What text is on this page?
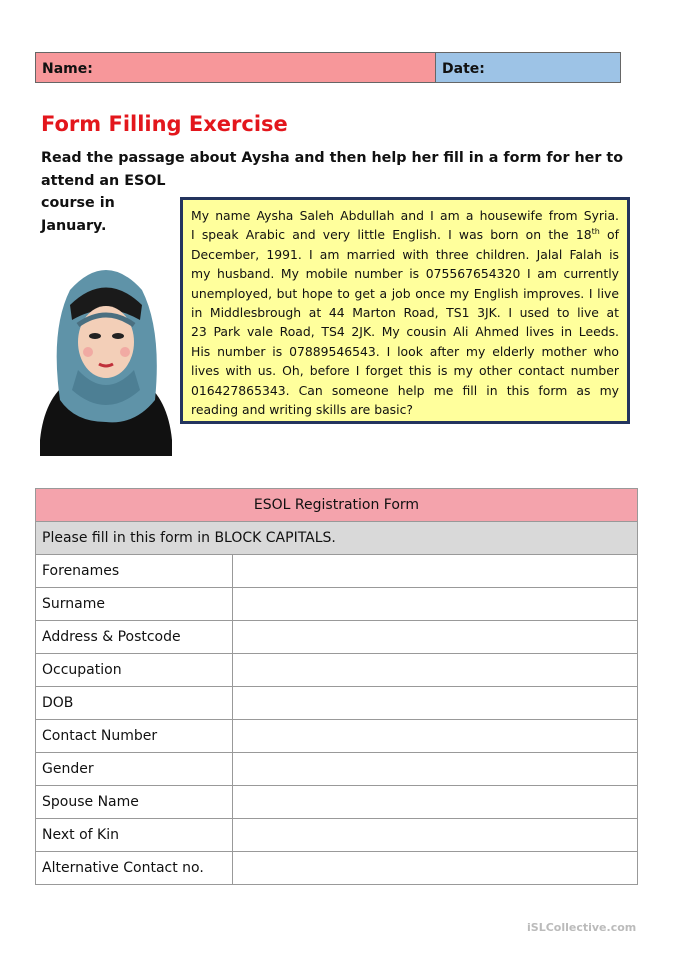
Name:	Date:
Form Filling Exercise
Read the passage about Aysha and then help her fill in a form for her to
attend an ESOL
course in
January.
My name Aysha Saleh Abdullah and I am a housewife from Syria.
I speak Arabic and very little English. I was born on the 18th of
December, 1991. I am married with three children. Jalal Falah is
my husband. My mobile number is 075567654320 I am currently
unemployed, but hope to get a job once my English improves. I live
in Middlesbrough at 44 Marton Road, TS1 3JK. I used to live at
23 Park vale Road, TS4 2JK. My cousin Ali Ahmed lives in Leeds.
His number is 07889546543. I look after my elderly mother who
lives with us. Oh, before I forget this is my other contact number
016427865343. Can someone help me fill in this form as my
reading and writing skills are basic?
ESOL Registration Form	
Please fill in this form in BLOCK CAPITALS.	
Forenames	
Surname	
Address & Postcode	
Occupation	
DOB	
Contact Number	
Gender	
Spouse Name	
Next of Kin	
Alternative Contact no.	
iSLCollective.com
